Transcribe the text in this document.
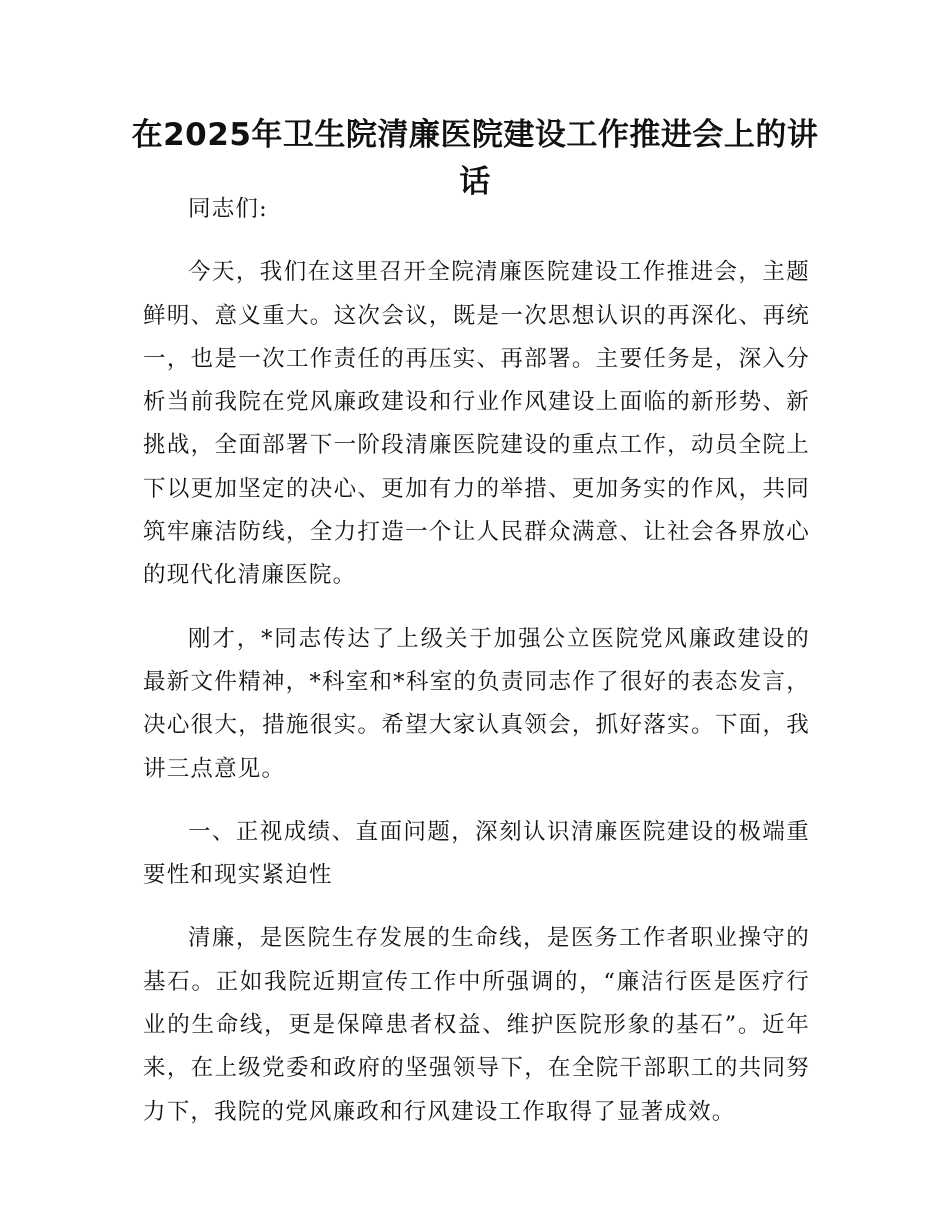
在2025年卫生院清廉医院建设工作推进会上的讲话

同志们:

今天，我们在这里召开全院清廉医院建设工作推进会，主题鲜明、意义重大。这次会议，既是一次思想认识的再深化、再统一，也是一次工作责任的再压实、再部署。主要任务是，深入分析当前我院在党风廉政建设和行业作风建设上面临的新形势、新挑战，全面部署下一阶段清廉医院建设的重点工作，动员全院上下以更加坚定的决心、更加有力的举措、更加务实的作风，共同筑牢廉洁防线，全力打造一个让人民群众满意、让社会各界放心的现代化清廉医院。

刚才，*同志传达了上级关于加强公立医院党风廉政建设的最新文件精神，*科室和*科室的负责同志作了很好的表态发言，决心很大，措施很实。希望大家认真领会，抓好落实。下面，我讲三点意见。

一、正视成绩、直面问题，深刻认识清廉医院建设的极端重要性和现实紧迫性

清廉，是医院生存发展的生命线，是医务工作者职业操守的基石。正如我院近期宣传工作中所强调的，“廉洁行医是医疗行业的生命线，更是保障患者权益、维护医院形象的基石”。近年来，在上级党委和政府的坚强领导下，在全院干部职工的共同努力下，我院的党风廉政和行风建设工作取得了显著成效。
